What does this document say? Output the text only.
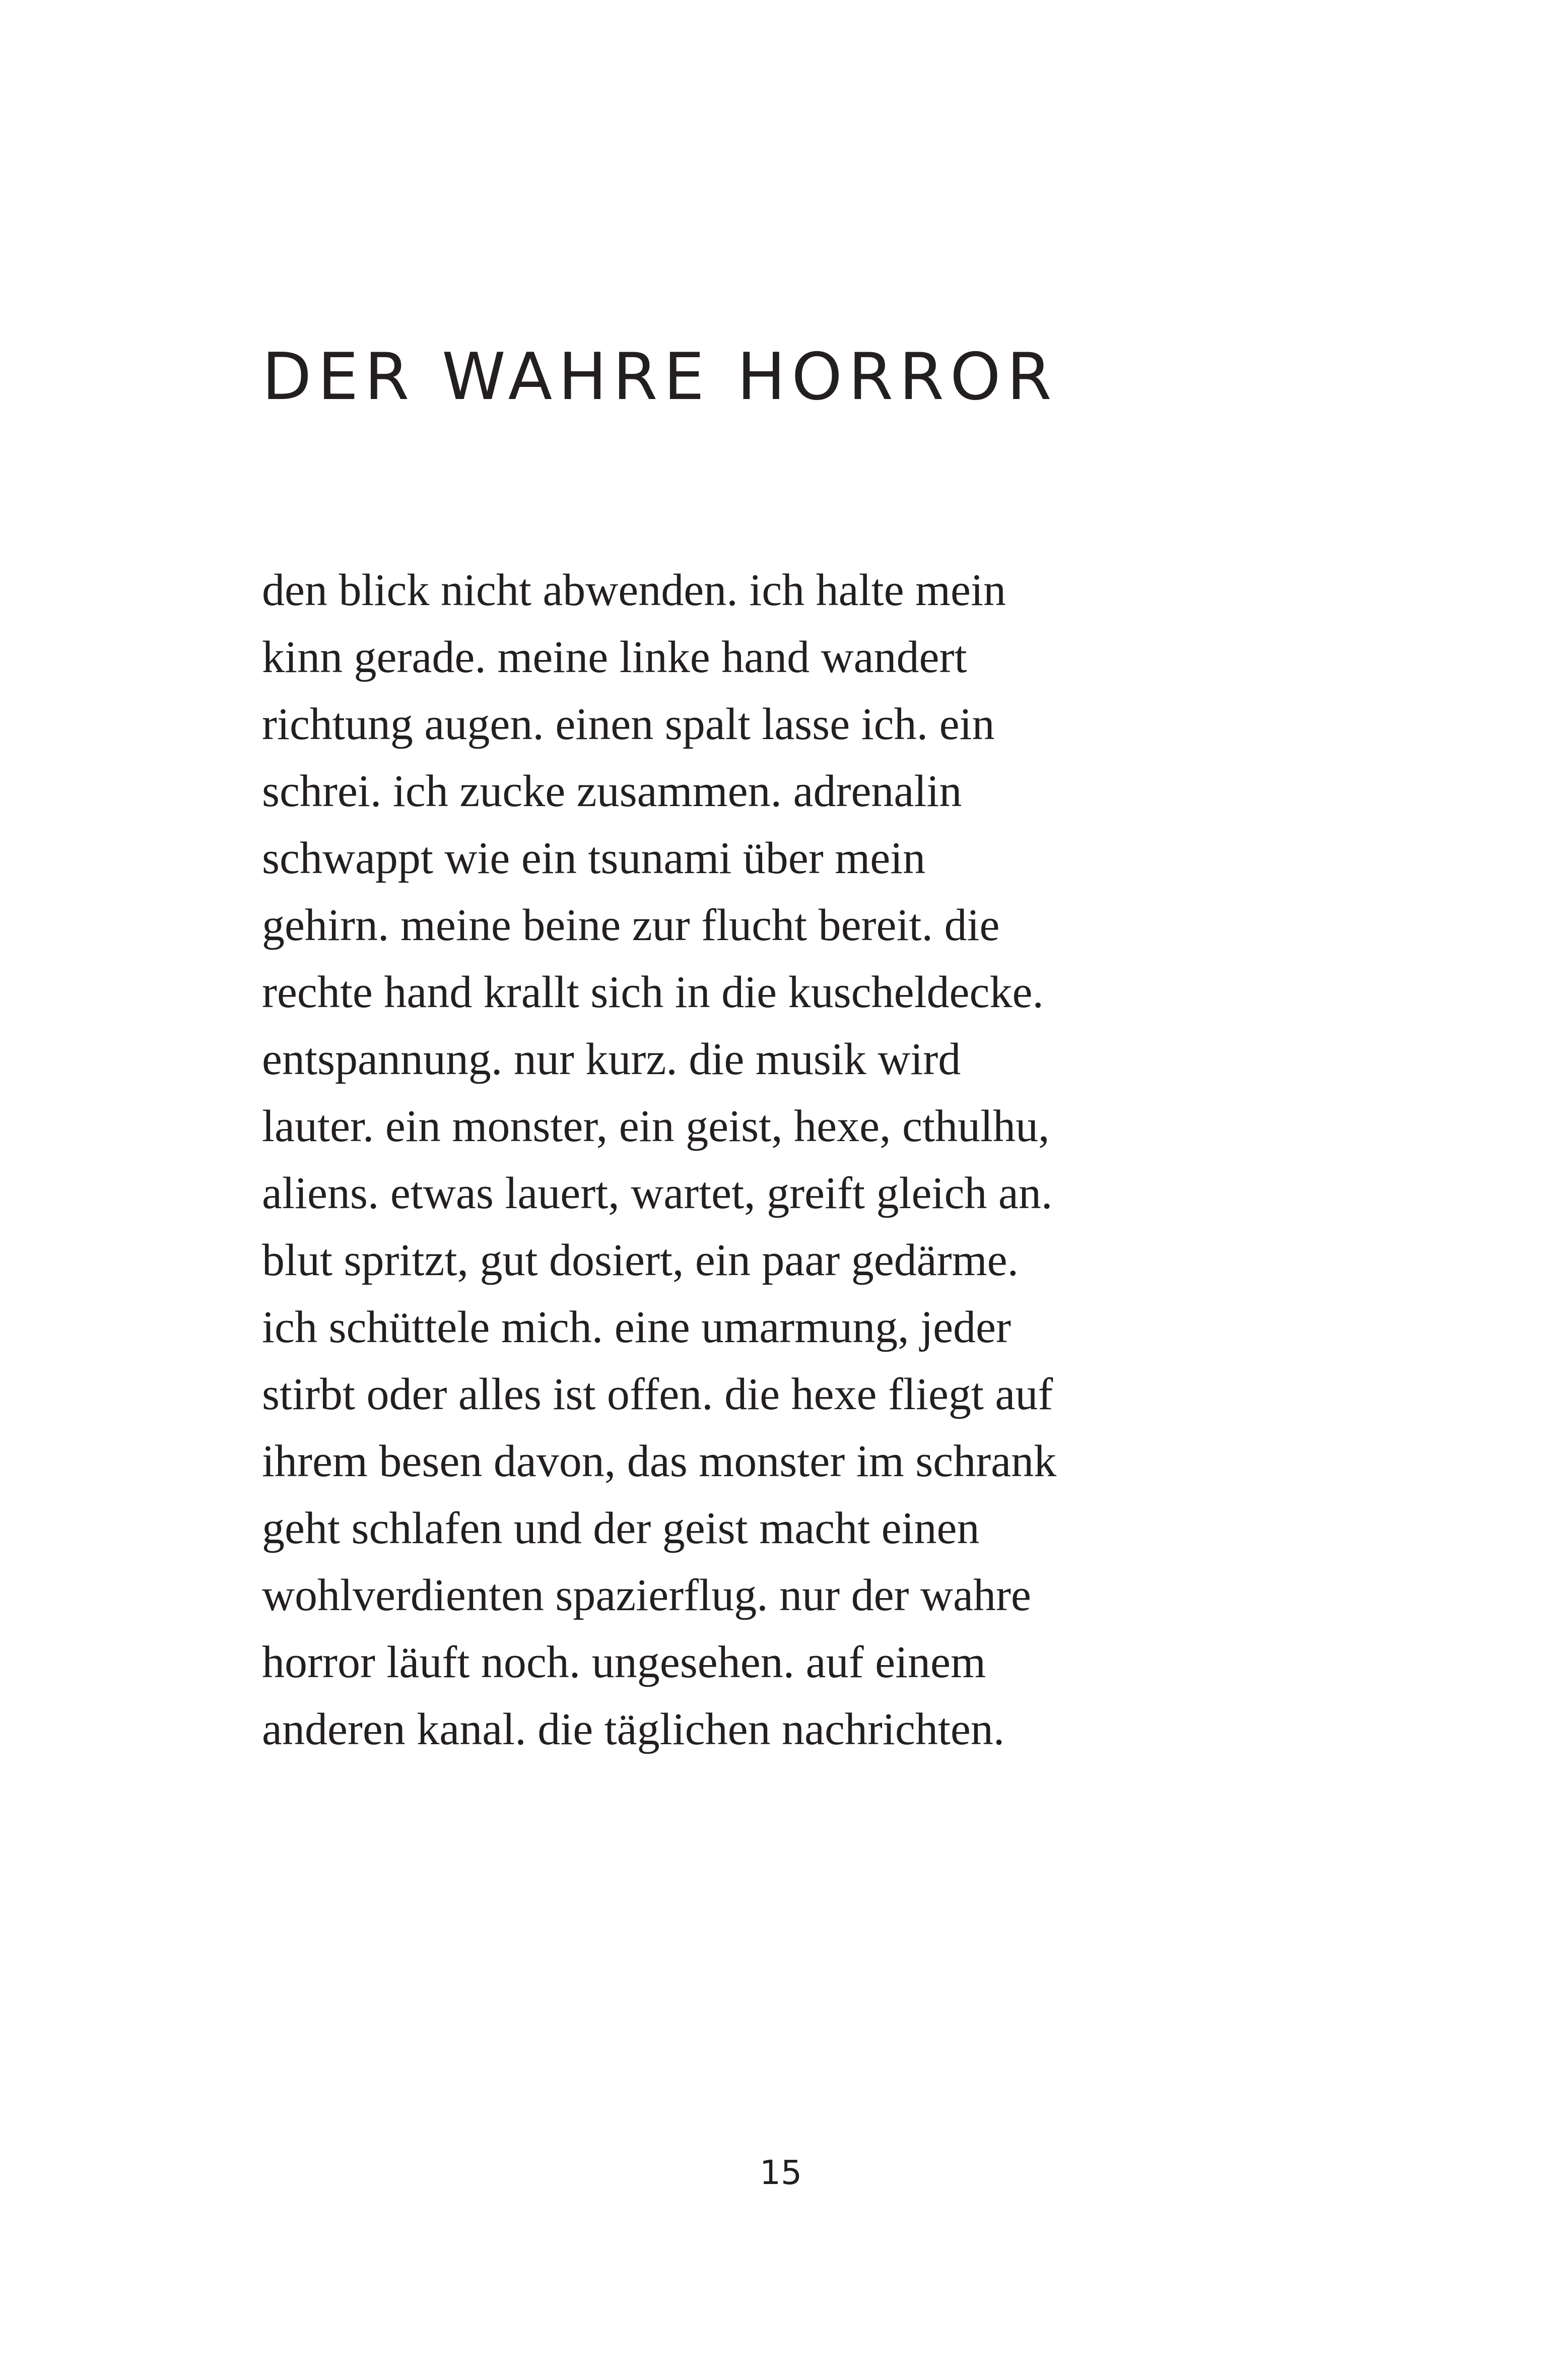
DER WAHRE HORROR
den blick nicht abwenden. ich halte mein
kinn gerade. meine linke hand wandert
richtung augen. einen spalt lasse ich. ein
schrei. ich zucke zusammen. adrenalin
schwappt wie ein tsunami über mein
gehirn. meine beine zur flucht bereit. die
rechte hand krallt sich in die kuscheldecke.
entspannung. nur kurz. die musik wird
lauter. ein monster, ein geist, hexe, cthulhu,
aliens. etwas lauert, wartet, greift gleich an.
blut spritzt, gut dosiert, ein paar gedärme.
ich schüttele mich. eine umarmung, jeder
stirbt oder alles ist offen. die hexe fliegt auf
ihrem besen davon, das monster im schrank
geht schlafen und der geist macht einen
wohlverdienten spazierflug. nur der wahre
horror läuft noch. ungesehen. auf einem
anderen kanal. die täglichen nachrichten.
15
